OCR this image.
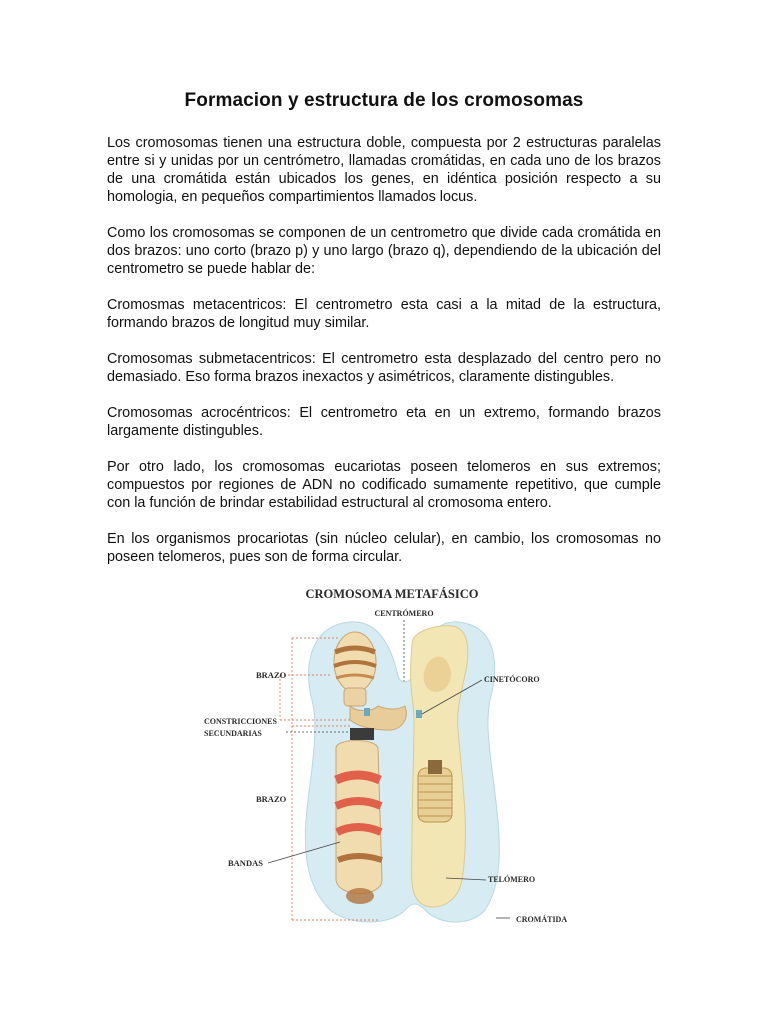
Formacion y estructura de los cromosomas

Los cromosomas tienen una estructura doble, compuesta por 2 estructuras paralelas entre si y unidas por un centrómetro, llamadas cromátidas, en cada uno de los brazos de una cromátida están ubicados los genes, en idéntica posición respecto a su homologia, en pequeños compartimientos llamados locus.

Como los cromosomas se componen de un centrometro que divide cada cromátida en dos brazos: uno corto (brazo p) y uno largo (brazo q), dependiendo de la ubicación del centrometro se puede hablar de:

Cromosmas metacentricos: El centrometro esta casi a la mitad de la estructura, formando brazos de longitud muy similar.

Cromosomas submetacentricos: El centrometro esta desplazado del centro pero no demasiado. Eso forma brazos inexactos y asimétricos, claramente distingubles.

Cromosomas acrocéntricos: El centrometro eta en un extremo, formando brazos largamente distingubles.

Por otro lado, los cromosomas eucariotas poseen telomeros en sus extremos; compuestos por regiones de ADN no codificado sumamente repetitivo, que cumple con la función de brindar estabilidad estructural al cromosoma entero.

En los organismos procariotas (sin núcleo celular), en cambio, los cromosomas no poseen telomeros, pues son de forma circular.

CROMOSOMA METAFÁSICO
CENTRÓMERO
BRAZO
CONSTRICCIONES
SECUNDARIAS
BRAZO
BANDAS
CINETÓCORO
TELÓMERO
CROMÁTIDA
